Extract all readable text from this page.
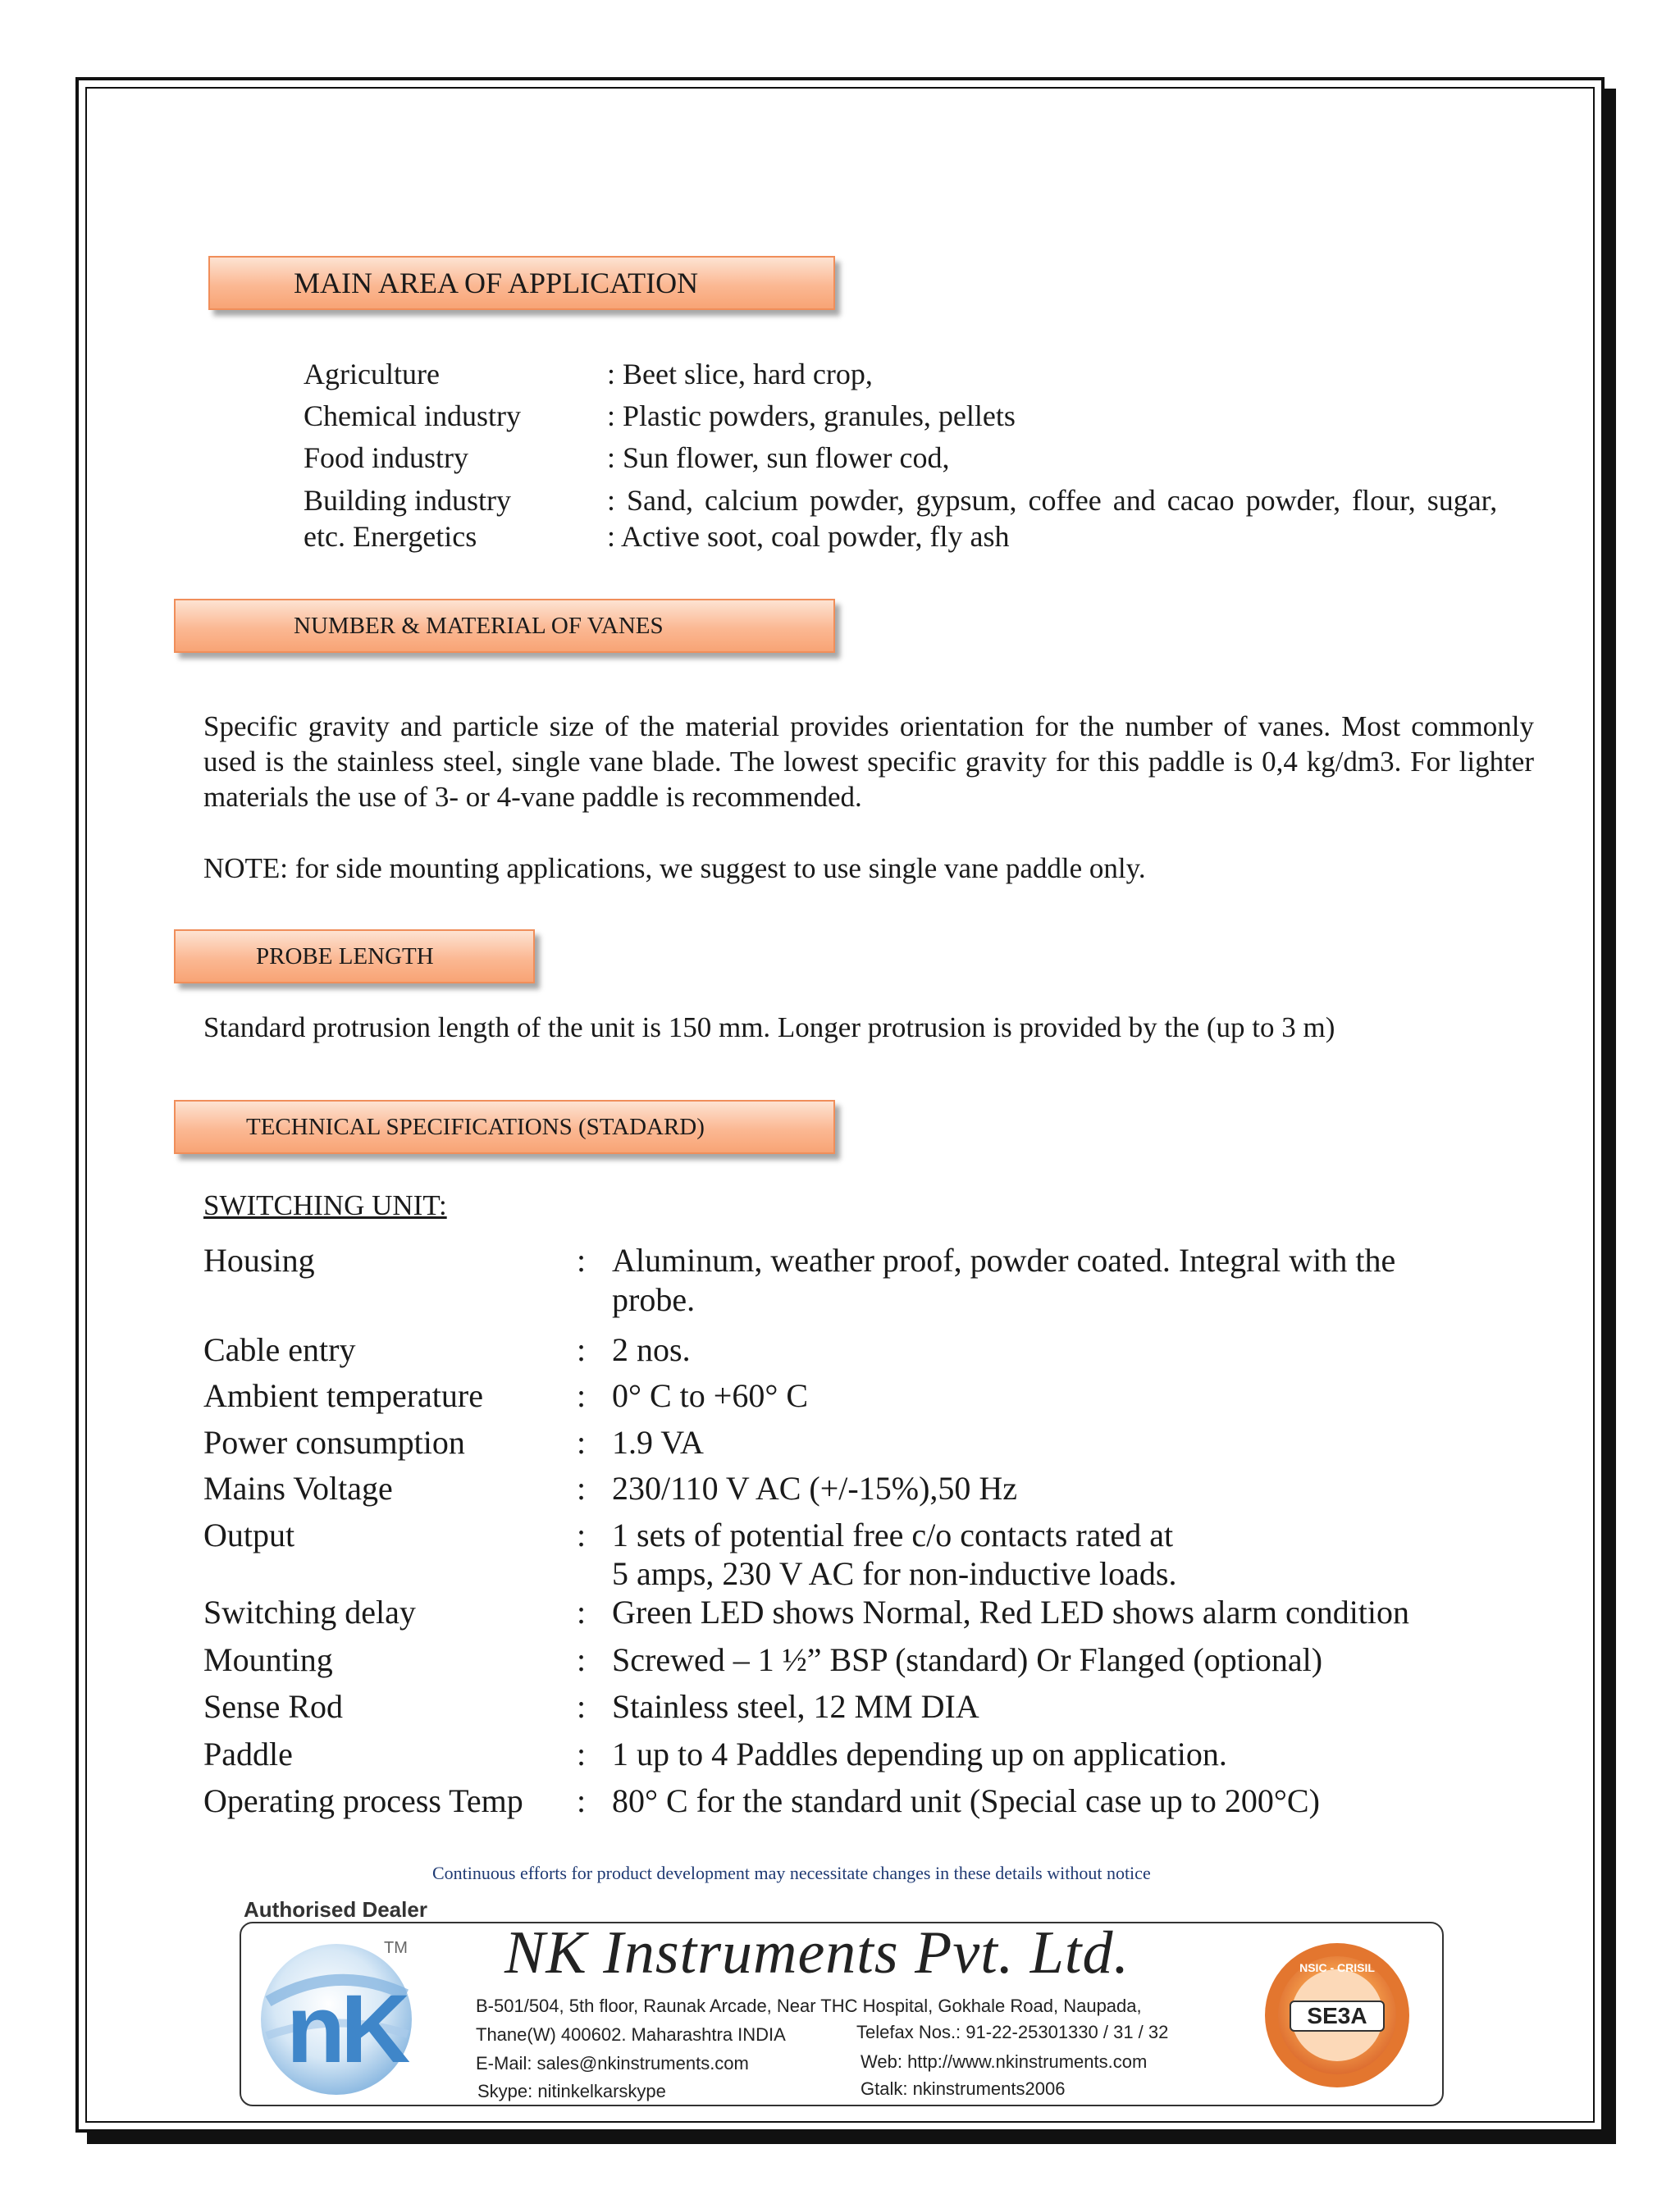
MAIN AREA OF APPLICATION
Agriculture	: Beet slice, hard crop,
Chemical industry	: Plastic powders, granules, pellets
Food industry	: Sun flower, sun flower cod,
Building industry	: Sand, calcium powder, gypsum, coffee and cacao powder, flour, sugar,
etc. Energetics	: Active soot, coal powder, fly ash
NUMBER & MATERIAL OF VANES
Specific gravity and particle size of the material provides orientation for the number of vanes. Most commonly used is the stainless steel, single vane blade. The lowest specific gravity for this paddle is 0,4 kg/dm3. For lighter materials the use of 3- or 4-vane paddle is recommended.
NOTE: for side mounting applications, we suggest to use single vane paddle only.
PROBE LENGTH
Standard protrusion length of the unit is 150 mm. Longer protrusion is provided by the (up to 3 m)
TECHNICAL SPECIFICATIONS (STADARD)
SWITCHING UNIT:
Housing	: Aluminum, weather proof, powder coated. Integral with the
probe.
Cable entry	: 2 nos.
Ambient temperature	: 0° C to +60° C
Power consumption	: 1.9 VA
Mains Voltage	: 230/110 V AC (+/-15%),50 Hz
Output	: 1 sets of potential free c/o contacts rated at
5 amps, 230 V AC for non-inductive loads.
Switching delay	: Green LED shows Normal, Red LED shows alarm condition
Mounting	: Screwed – 1 ½” BSP (standard) Or Flanged (optional)
Sense Rod	: Stainless steel, 12 MM DIA
Paddle	: 1 up to 4 Paddles depending up on application.
Operating process Temp : 80° C for the standard unit (Special case up to 200°C)
Continuous efforts for product development may necessitate changes in these details without notice
Authorised Dealer
nK
TM NK Instruments Pvt. Ltd.
B-501/504, 5th floor, Raunak Arcade, Near THC Hospital, Gokhale Road, Naupada,
Thane(W) 400602. Maharashtra INDIA	Telefax Nos.: 91-22-25301330 / 31 / 32
E-Mail: sales@nkinstruments.com	Web: http://www.nkinstruments.com
Skype: nitinkelkarskype	Gtalk: nkinstruments2006
NSIC - CRISIL
SE3A
